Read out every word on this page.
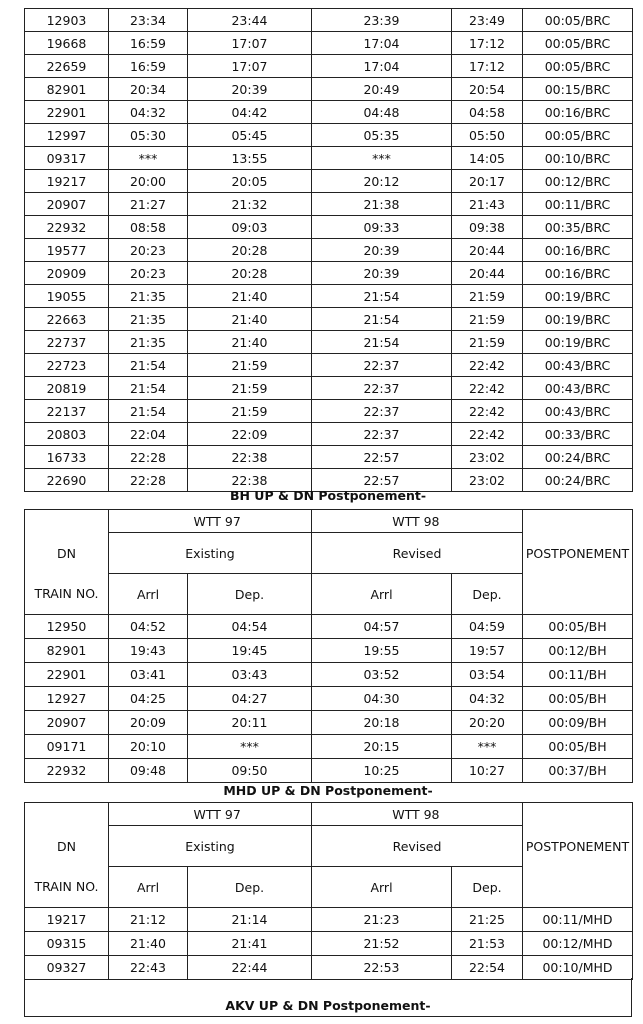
12903	23:34	23:44	23:39	23:49	00:05/BRC
19668	16:59	17:07	17:04	17:12	00:05/BRC
22659	16:59	17:07	17:04	17:12	00:05/BRC
82901	20:34	20:39	20:49	20:54	00:15/BRC
22901	04:32	04:42	04:48	04:58	00:16/BRC
12997	05:30	05:45	05:35	05:50	00:05/BRC
09317	***	13:55	***	14:05	00:10/BRC
19217	20:00	20:05	20:12	20:17	00:12/BRC
20907	21:27	21:32	21:38	21:43	00:11/BRC
22932	08:58	09:03	09:33	09:38	00:35/BRC
19577	20:23	20:28	20:39	20:44	00:16/BRC
20909	20:23	20:28	20:39	20:44	00:16/BRC
19055	21:35	21:40	21:54	21:59	00:19/BRC
22663	21:35	21:40	21:54	21:59	00:19/BRC
22737	21:35	21:40	21:54	21:59	00:19/BRC
22723	21:54	21:59	22:37	22:42	00:43/BRC
20819	21:54	21:59	22:37	22:42	00:43/BRC
22137	21:54	21:59	22:37	22:42	00:43/BRC
20803	22:04	22:09	22:37	22:42	00:33/BRC
16733	22:28	22:38	22:57	23:02	00:24/BRC
22690	22:28	22:38	22:57	23:02	00:24/BRC
BH UP & DN Postponement-
		WTT 97	WTT 98		
DN	Existing		Revised		POSTPONEMENT
TRAIN NO.	Arrl	Dep.	Arrl	Dep.	
12950	04:52	04:54	04:57	04:59	00:05/BH
82901	19:43	19:45	19:55	19:57	00:12/BH
22901	03:41	03:43	03:52	03:54	00:11/BH
12927	04:25	04:27	04:30	04:32	00:05/BH
20907	20:09	20:11	20:18	20:20	00:09/BH
09171	20:10	***	20:15	***	00:05/BH
22932	09:48	09:50	10:25	10:27	00:37/BH
MHD UP & DN Postponement-
		WTT 97	WTT 98		
DN	Existing		Revised		POSTPONEMENT
TRAIN NO.	Arrl	Dep.	Arrl	Dep.	
19217	21:12	21:14	21:23	21:25	00:11/MHD
09315	21:40	21:41	21:52	21:53	00:12/MHD
09327	22:43	22:44	22:53	22:54	00:10/MHD
AKV UP & DN Postponement-
